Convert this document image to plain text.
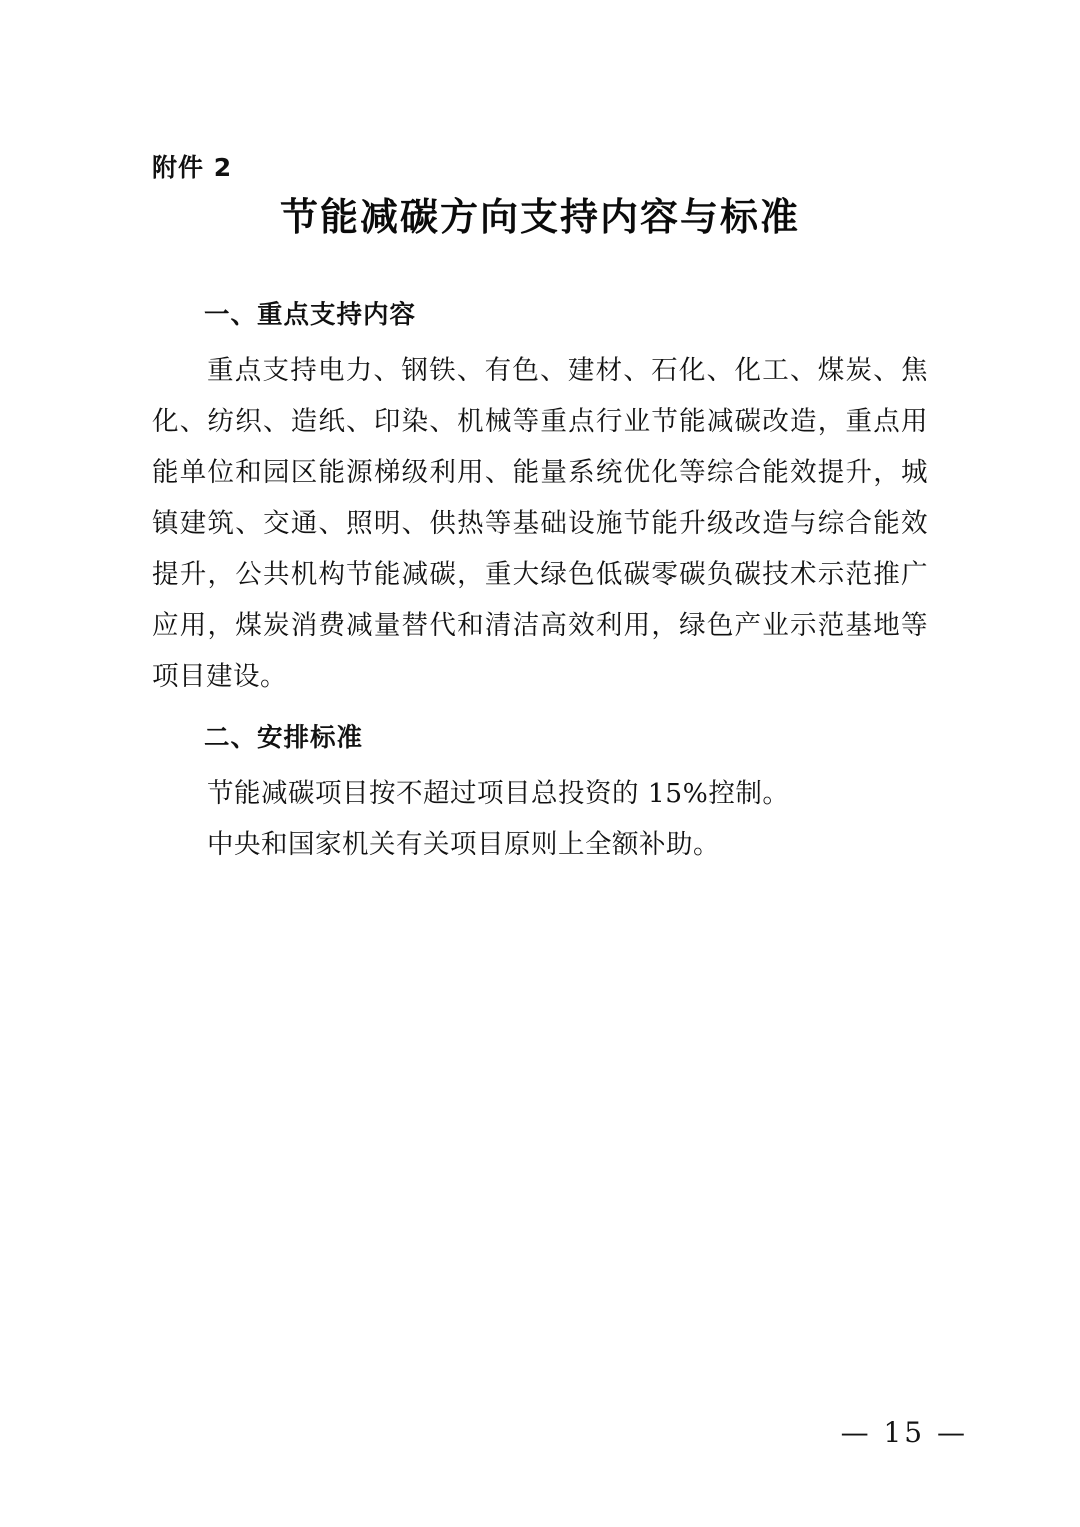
附件 2
节能减碳方向支持内容与标准
一、重点支持内容

重点支持电力、钢铁、有色、建材、石化、化工、煤炭、焦化、纺织、造纸、印染、机械等重点行业节能减碳改造，重点用能单位和园区能源梯级利用、能量系统优化等综合能效提升，城镇建筑、交通、照明、供热等基础设施节能升级改造与综合能效提升，公共机构节能减碳，重大绿色低碳零碳负碳技术示范推广应用，煤炭消费减量替代和清洁高效利用，绿色产业示范基地等项目建设。

二、安排标准

节能减碳项目按不超过项目总投资的 15%控制。

中央和国家机关有关项目原则上全额补助。

— 15 —
